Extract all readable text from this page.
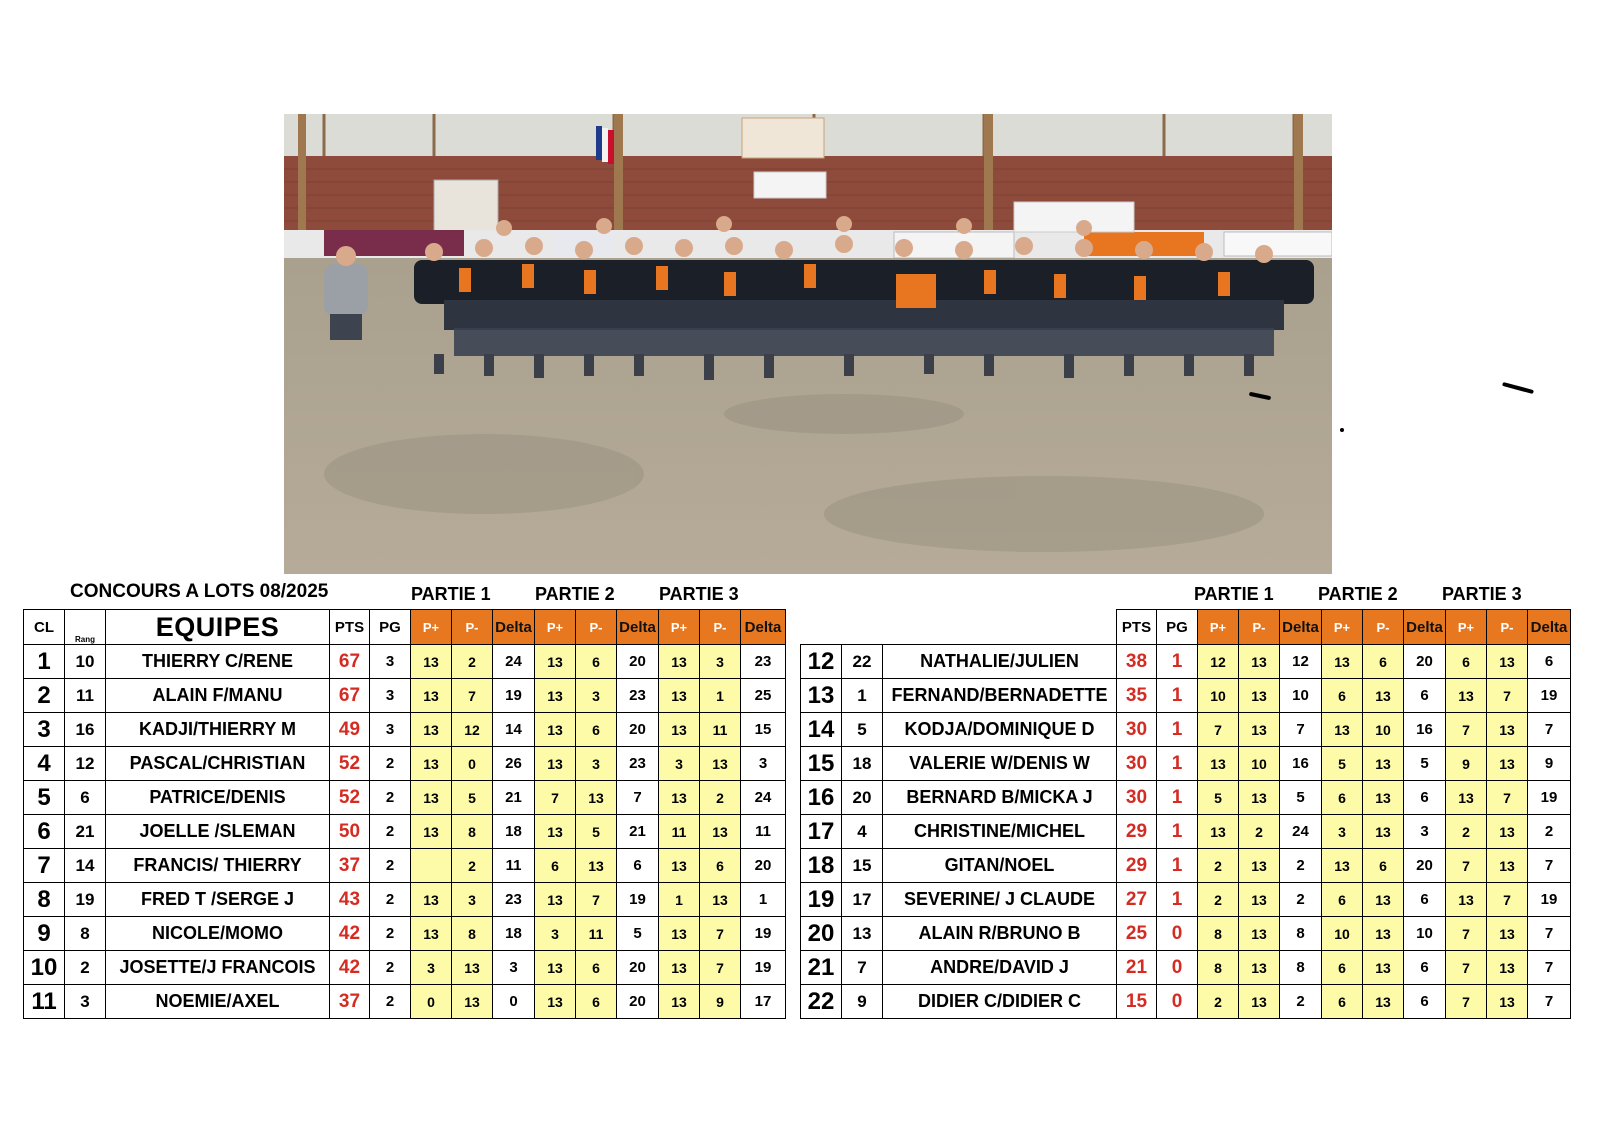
CONCOURS A LOTS 08/2025	PARTIE 1 PARTIE 2 PARTIE 3	PARTIE 1 PARTIE 2 PARTIE 3
CL	Rang	EQUIPES	PTS	PG	P+	P-	Delta	P+	P-	Delta	P+	P-	Delta
1	10	THIERRY C/RENE	67	3	13	2	24	13	6	20	13	3	23
2	11	ALAIN F/MANU	67	3	13	7	19	13	3	23	13	1	25
3	16	KADJI/THIERRY M	49	3	13	12	14	13	6	20	13	11	15
4	12	PASCAL/CHRISTIAN	52	2	13	0	26	13	3	23	3	13	3
5	6	PATRICE/DENIS	52	2	13	5	21	7	13	7	13	2	24
6	21	JOELLE /SLEMAN	50	2	13	8	18	13	5	21	11	13	11
7	14	FRANCIS/ THIERRY	37	2		2	11	6	13	6	13	6	20
8	19	FRED T /SERGE J	43	2	13	3	23	13	7	19	1	13	1
9	8	NICOLE/MOMO	42	2	13	8	18	3	11	5	13	7	19
10	2	JOSETTE/J FRANCOIS	42	2	3	13	3	13	6	20	13	7	19
11	3	NOEMIE/AXEL	37	2	0	13	0	13	6	20	13	9	17
			PTS	PG	P+	P-	Delta	P+	P-	Delta	P+	P-	Delta
12	22	NATHALIE/JULIEN	38	1	12	13	12	13	6	20	6	13	6
13	1	FERNAND/BERNADETTE	35	1	10	13	10	6	13	6	13	7	19
14	5	KODJA/DOMINIQUE D	30	1	7	13	7	13	10	16	7	13	7
15	18	VALERIE W/DENIS W	30	1	13	10	16	5	13	5	9	13	9
16	20	BERNARD B/MICKA J	30	1	5	13	5	6	13	6	13	7	19
17	4	CHRISTINE/MICHEL	29	1	13	2	24	3	13	3	2	13	2
18	15	GITAN/NOEL	29	1	2	13	2	13	6	20	7	13	7
19	17	SEVERINE/ J CLAUDE	27	1	2	13	2	6	13	6	13	7	19
20	13	ALAIN R/BRUNO B	25	0	8	13	8	10	13	10	7	13	7
21	7	ANDRE/DAVID J	21	0	8	13	8	6	13	6	7	13	7
22	9	DIDIER C/DIDIER C	15	0	2	13	2	6	13	6	7	13	7
